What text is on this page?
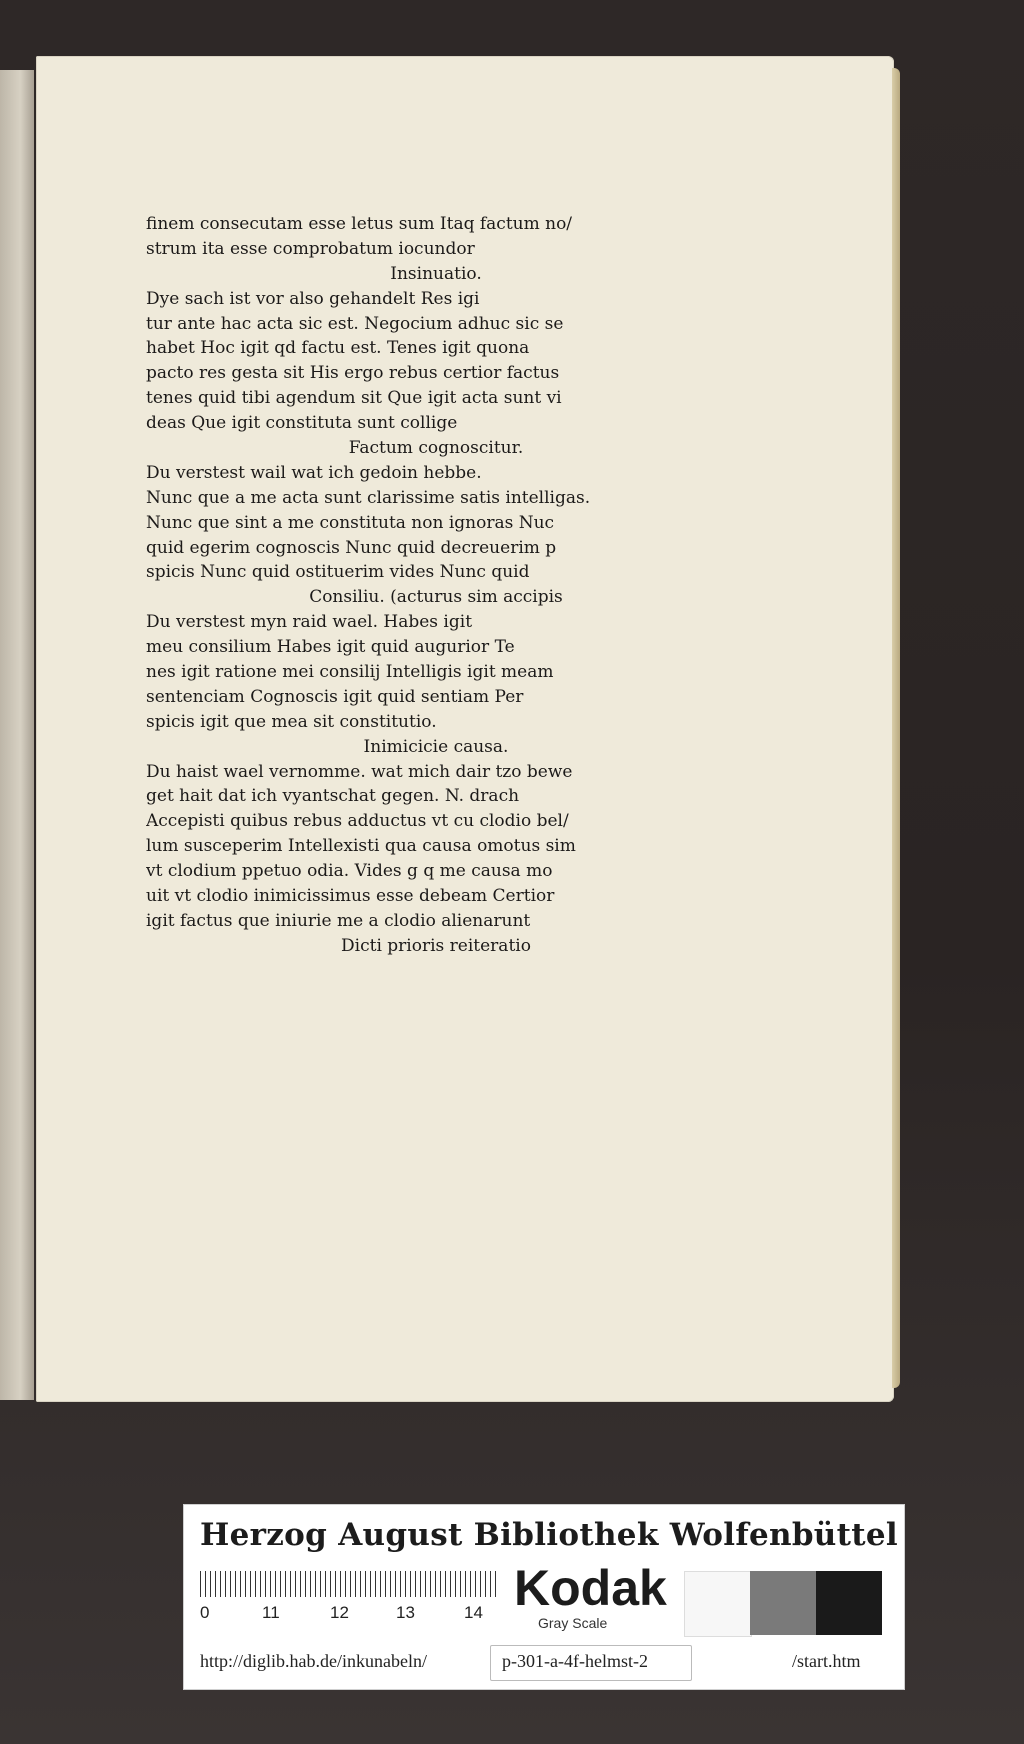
finem consecutam esse letus sum Itaq factum no/
strum ita esse comprobatum iocundor
Insinuatio.
Dye sach ist vor also gehandelt Res igi
tur ante hac acta sic est. Negocium adhuc sic se
habet Hoc igit qd factu est. Tenes igit quona
pacto res gesta sit His ergo rebus certior factus
tenes quid tibi agendum sit Que igit acta sunt vi
deas Que igit constituta sunt collige
Factum cognoscitur.
Du verstest wail wat ich gedoin hebbe.
Nunc que a me acta sunt clarissime satis intelligas.
Nunc que sint a me constituta non ignoras Nuc
quid egerim cognoscis Nunc quid decreuerim p
spicis Nunc quid ostituerim vides Nunc quid
Consiliu. (acturus sim accipis
Du verstest myn raid wael. Habes igit
meu consilium Habes igit quid augurior Te
nes igit ratione mei consilij Intelligis igit meam
sentenciam Cognoscis igit quid sentiam Per
spicis igit que mea sit constitutio.
Inimicicie causa.
Du haist wael vernomme. wat mich dair tzo bewe
get hait dat ich vyantschat gegen. N. drach
Accepisti quibus rebus adductus vt cu clodio bel/
lum susceperim Intellexisti qua causa omotus sim
vt clodium ppetuo odia. Vides g q me causa mo
uit vt clodio inimicissimus esse debeam Certior
igit factus que iniurie me a clodio alienarunt
Dicti prioris reiteratio
Herzog August Bibliothek Wolfenbüttel
0	11	12	13	14 Kodak
Gray Scale
http://diglib.hab.de/inkunabeln/	p-301-a-4f-helmst-2	/start.htm
